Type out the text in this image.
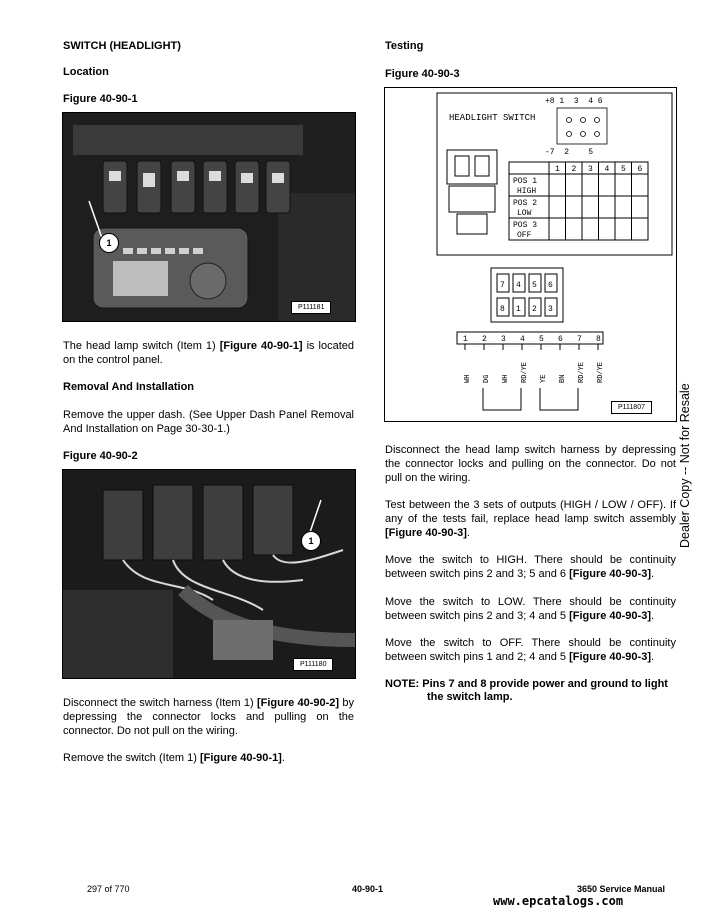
SWITCH (HEADLIGHT)
Location
Figure 40-90-1
1
P111181
The head lamp switch (Item 1) [Figure 40-90-1] is located on the control panel.
Removal And Installation
Remove the upper dash. (See Upper Dash Panel Removal And Installation on Page 30-30-1.)
Figure 40-90-2
1
P111180
Disconnect the switch harness (Item 1) [Figure 40-90-2] by depressing the connector locks and pulling on the connector. Do not pull on the wiring.
Remove the switch (Item 1) [Figure 40-90-1].
Testing
Figure 40-90-3
HEADLIGHT SWITCH
+8 1  3  4 6
-7  2    5
1 2 3 4 5 6
POS 1
HIGH
POS 2
LOW
POS 3
OFF
7 4 5 6
8 1 2 3
1
WH
2
DG
3
WH
4
RD/YE
5
YE
6
BN
7
RD/YE
8
RD/YE
P111807
Disconnect the head lamp switch harness by depressing the connector locks and pulling on the connector. Do not pull on the wiring.
Test between the 3 sets of outputs (HIGH / LOW / OFF). If any of the tests fail, replace head lamp switch assembly [Figure 40-90-3].
Move the switch to HIGH. There should be continuity between switch pins 2 and 3; 5 and 6 [Figure 40-90-3].
Move the switch to LOW. There should be continuity between switch pins 2 and 3; 4 and 5 [Figure 40-90-3].
Move the switch to OFF. There should be continuity between switch pins 1 and 2; 4 and 5 [Figure 40-90-3].
NOTE: Pins 7 and 8 provide power and ground to light
the switch lamp.
Dealer Copy -- Not for Resale
297 of 770	40-90-1	3650 Service Manual
www.epcatalogs.com
